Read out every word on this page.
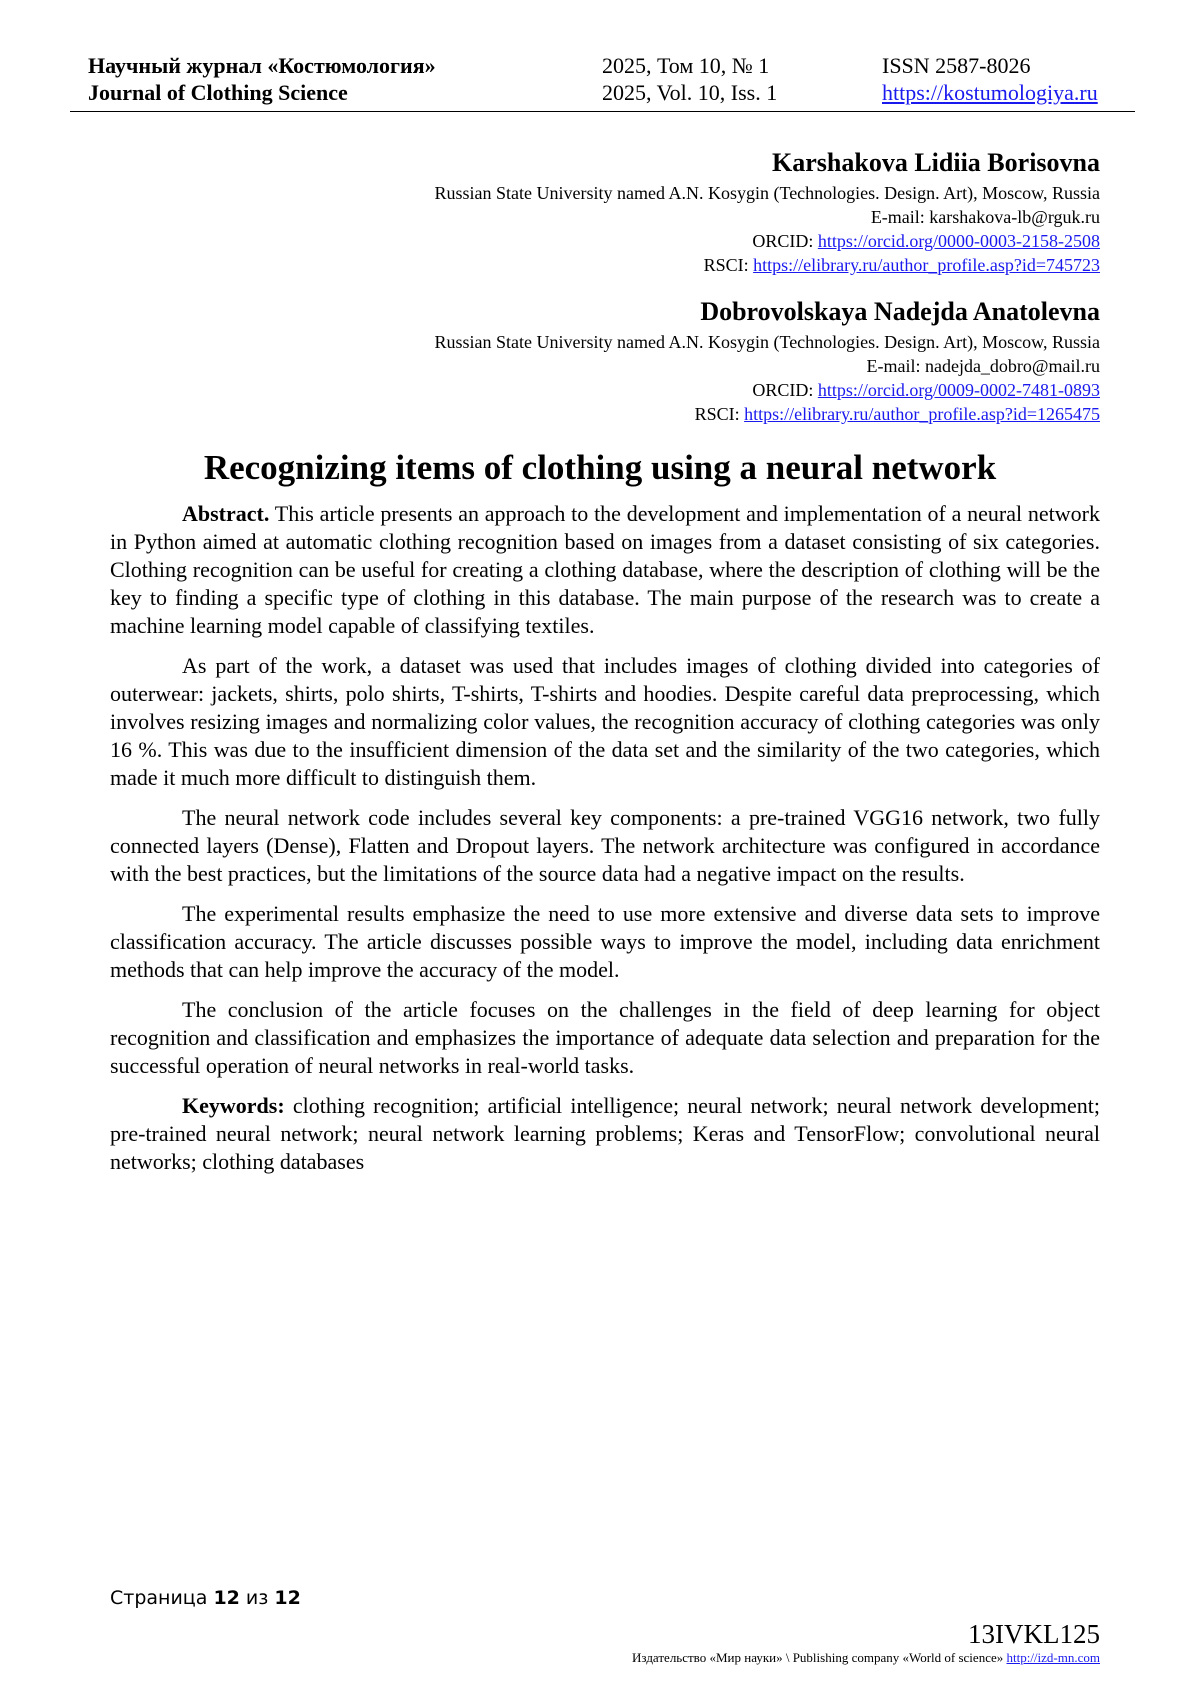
Научный журнал «Костюмология»
Journal of Clothing Science
2025, Том 10, № 1
2025, Vol. 10, Iss. 1
ISSN 2587-8026
https://kostumologiya.ru
Karshakova Lidiia Borisovna
Russian State University named A.N. Kosygin (Technologies. Design. Art), Moscow, Russia
E-mail: karshakova-lb@rguk.ru
ORCID: https://orcid.org/0000-0003-2158-2508
RSCI: https://elibrary.ru/author_profile.asp?id=745723
Dobrovolskaya Nadejda Anatolevna
Russian State University named A.N. Kosygin (Technologies. Design. Art), Moscow, Russia
E-mail: nadejda_dobro@mail.ru
ORCID: https://orcid.org/0009-0002-7481-0893
RSCI: https://elibrary.ru/author_profile.asp?id=1265475
Recognizing items of clothing using a neural network

Abstract. This article presents an approach to the development and implementation of a neural network in Python aimed at automatic clothing recognition based on images from a dataset consisting of six categories. Clothing recognition can be useful for creating a clothing database, where the description of clothing will be the key to finding a specific type of clothing in this database. The main purpose of the research was to create a machine learning model capable of classifying textiles.

As part of the work, a dataset was used that includes images of clothing divided into categories of outerwear: jackets, shirts, polo shirts, T-shirts, T-shirts and hoodies. Despite careful data preprocessing, which involves resizing images and normalizing color values, the recognition accuracy of clothing categories was only 16 %. This was due to the insufficient dimension of the data set and the similarity of the two categories, which made it much more difficult to distinguish them.

The neural network code includes several key components: a pre-trained VGG16 network, two fully connected layers (Dense), Flatten and Dropout layers. The network architecture was configured in accordance with the best practices, but the limitations of the source data had a negative impact on the results.

The experimental results emphasize the need to use more extensive and diverse data sets to improve classification accuracy. The article discusses possible ways to improve the model, including data enrichment methods that can help improve the accuracy of the model.

The conclusion of the article focuses on the challenges in the field of deep learning for object recognition and classification and emphasizes the importance of adequate data selection and preparation for the successful operation of neural networks in real-world tasks.

Keywords: clothing recognition; artificial intelligence; neural network; neural network development; pre-trained neural network; neural network learning problems; Keras and TensorFlow; convolutional neural networks; clothing databases

Страница 12 из 12
13IVKL125
Издательство «Мир науки» \ Publishing company «World of science» http://izd-mn.com
